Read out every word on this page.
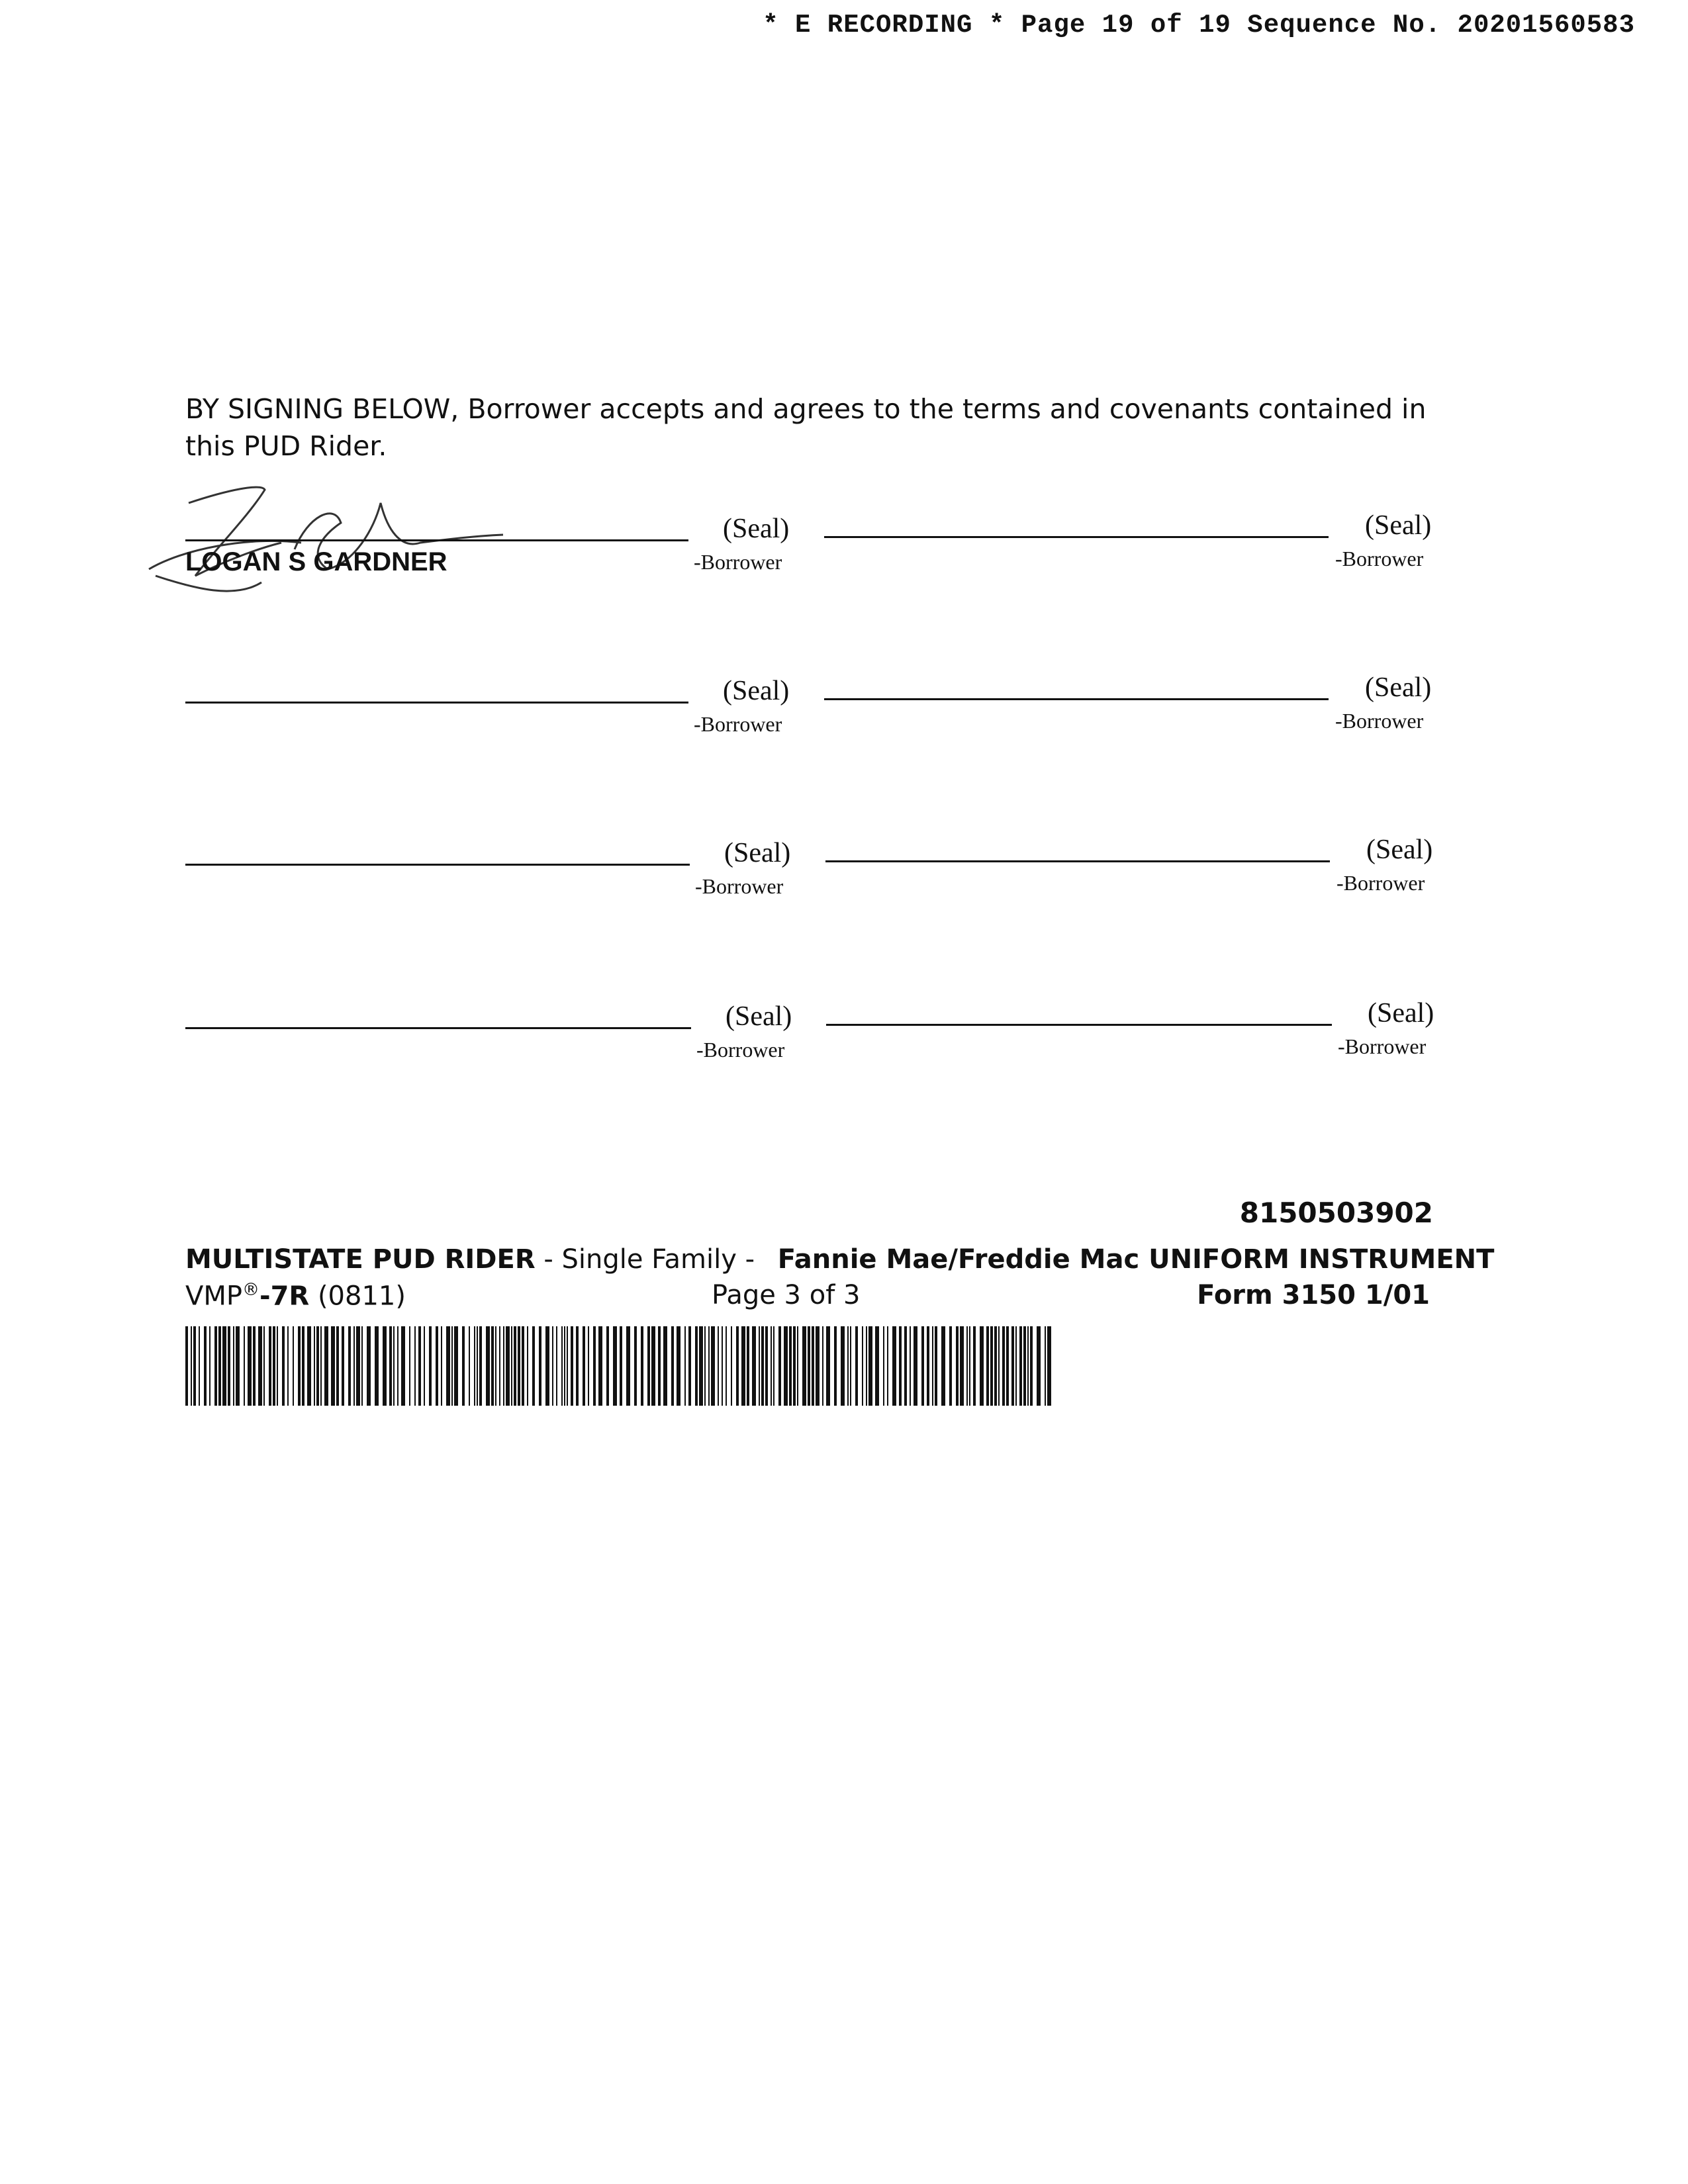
* E RECORDING * Page 19 of 19 Sequence No. 20201560583
BY SIGNING BELOW, Borrower accepts and agrees to the terms and covenants contained in this PUD Rider.
(Seal)
-Borrower
LOGAN S GARDNER
(Seal)
-Borrower
(Seal)
-Borrower
(Seal)
-Borrower
(Seal)
-Borrower
(Seal)
-Borrower
(Seal)
-Borrower
(Seal)
-Borrower
8150503902
MULTISTATE PUD RIDER - Single Family - Fannie Mae/Freddie Mac UNIFORM INSTRUMENT
VMP®-7R (0811)	Page 3 of 3	Form 3150 1/01
